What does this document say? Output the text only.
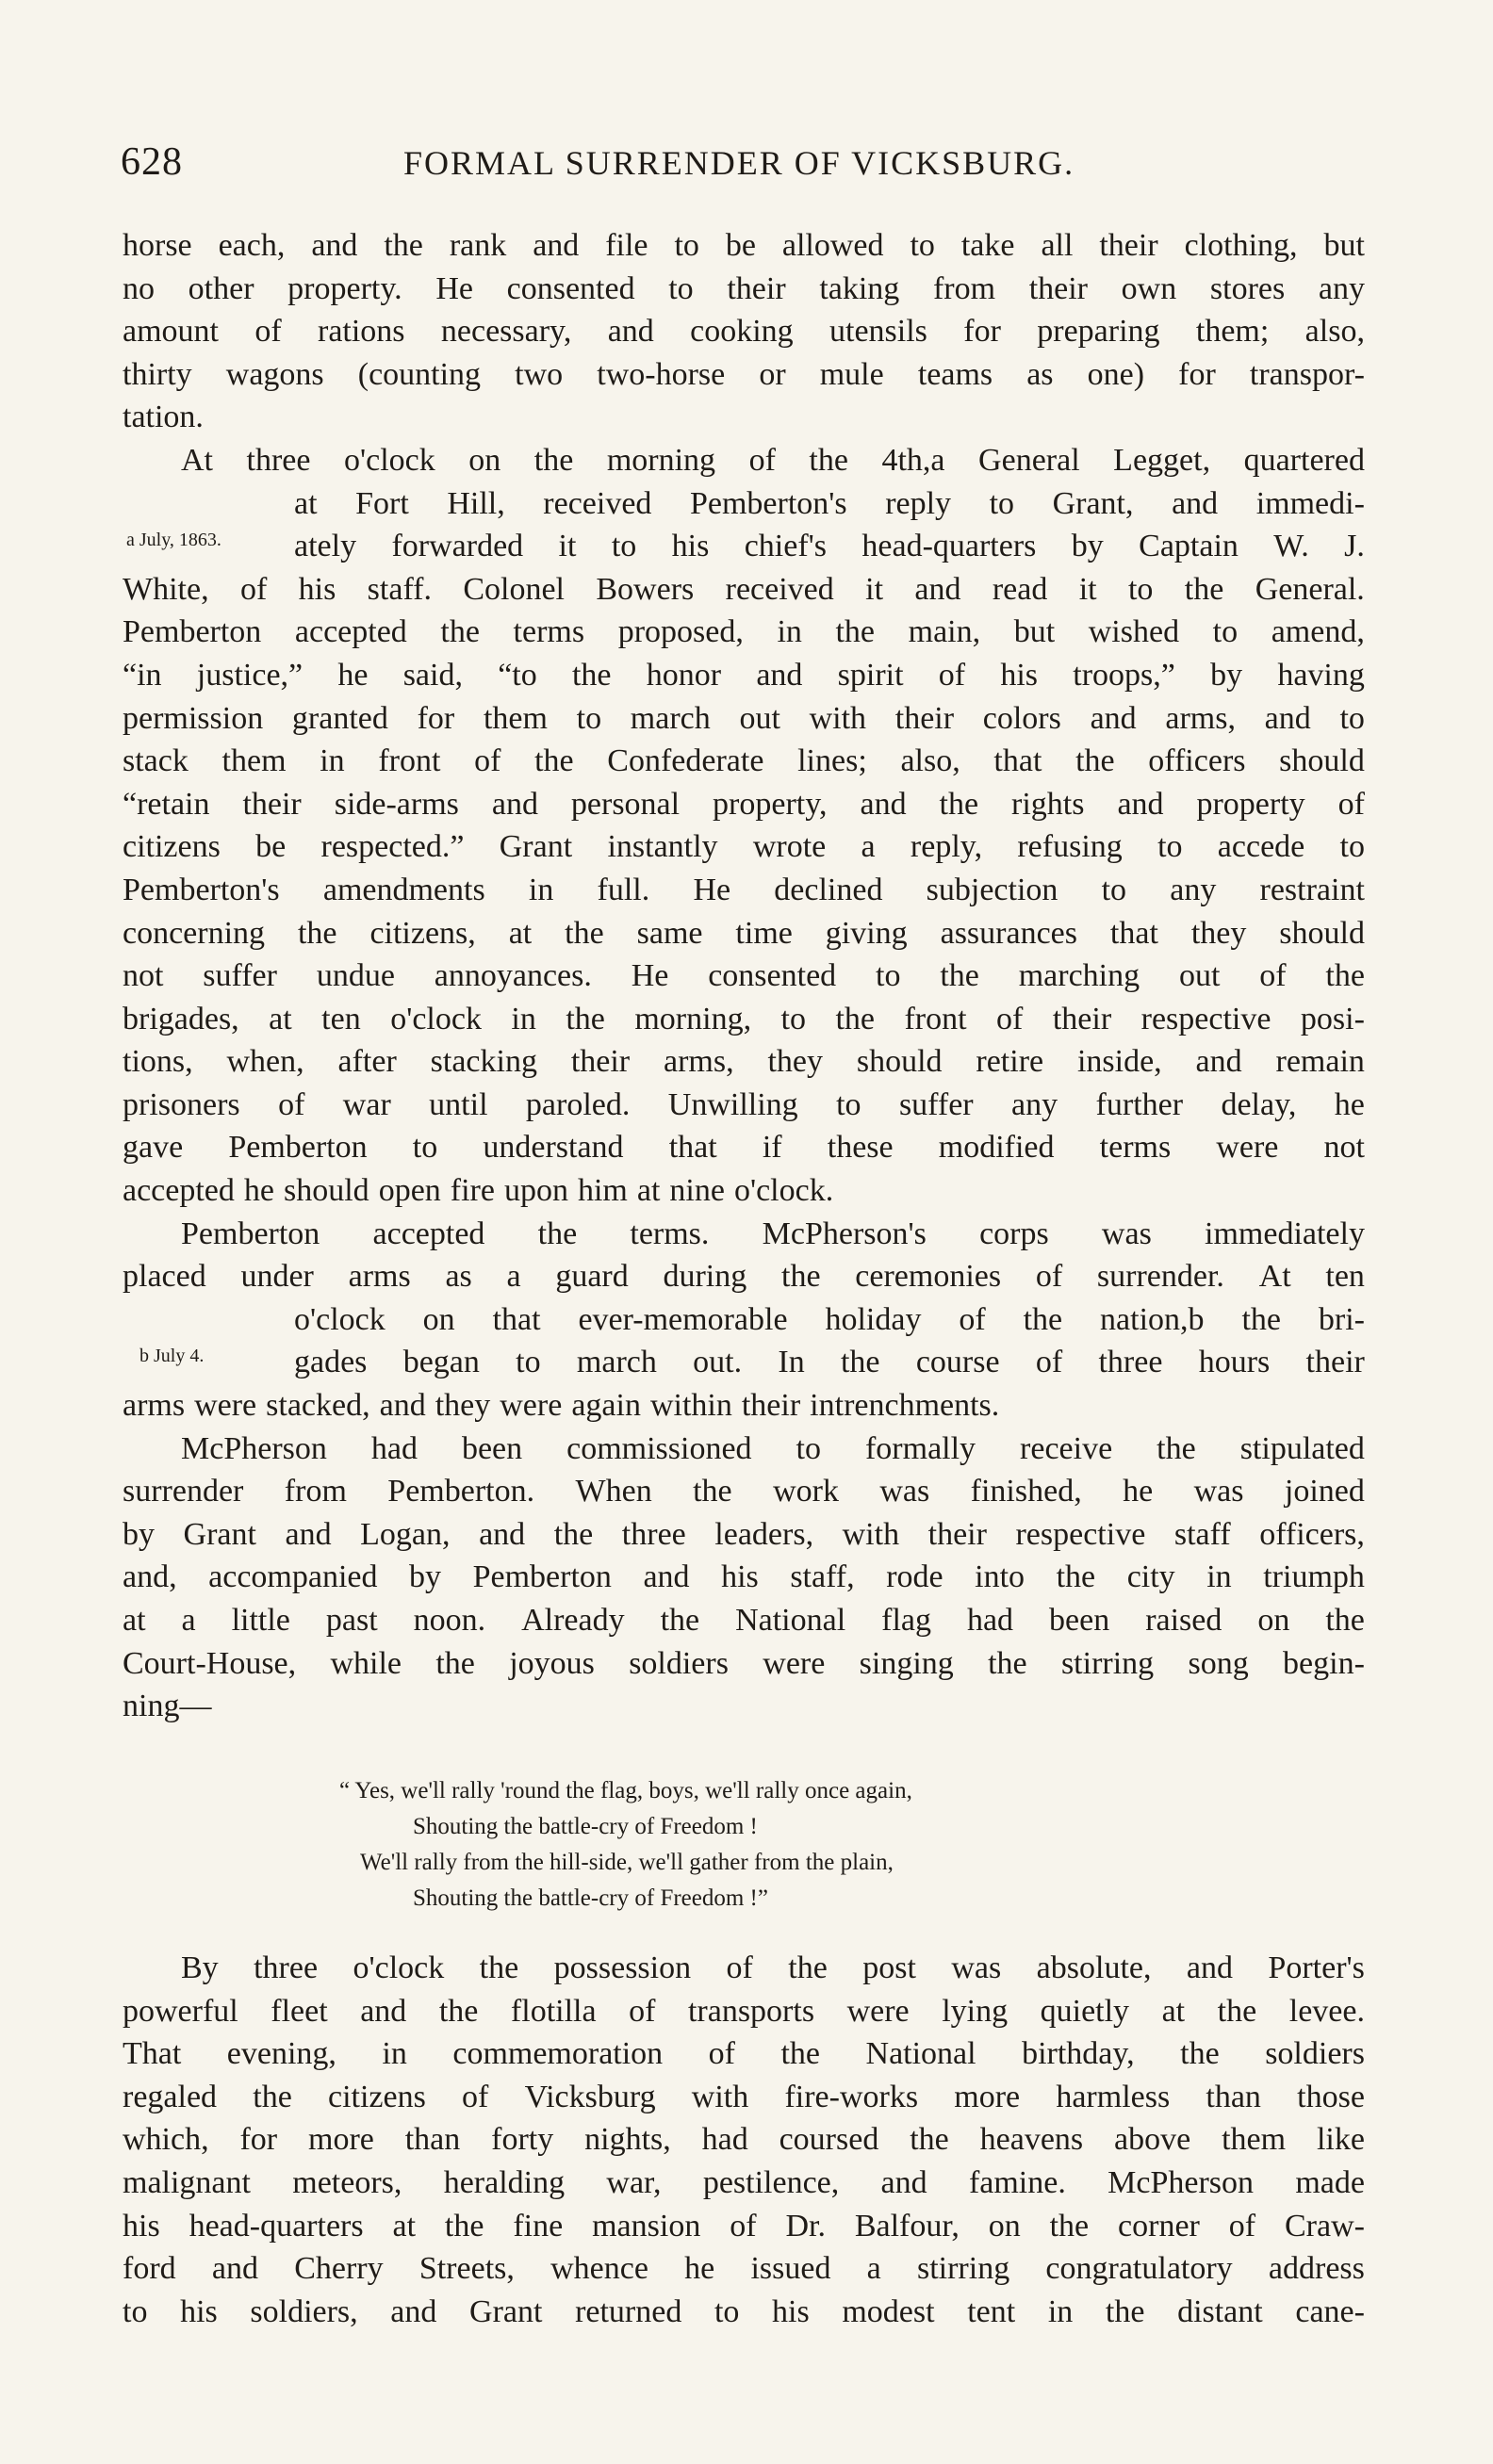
628	FORMAL SURRENDER OF VICKSBURG.
a July, 1863.
b July 4.
horse each, and the rank and file to be allowed to take all their clothing, but
no other property. He consented to their taking from their own stores any
amount of rations necessary, and cooking utensils for preparing them; also,
thirty wagons (counting two two-horse or mule teams as one) for transpor-
tation.
At three o'clock on the morning of the 4th,a General Legget, quartered
at Fort Hill, received Pemberton's reply to Grant, and immedi-
ately forwarded it to his chief's head-quarters by Captain W. J.
White, of his staff. Colonel Bowers received it and read it to the General.
Pemberton accepted the terms proposed, in the main, but wished to amend,
“in justice,” he said, “to the honor and spirit of his troops,” by having
permission granted for them to march out with their colors and arms, and to
stack them in front of the Confederate lines; also, that the officers should
“retain their side-arms and personal property, and the rights and property of
citizens be respected.” Grant instantly wrote a reply, refusing to accede to
Pemberton's amendments in full. He declined subjection to any restraint
concerning the citizens, at the same time giving assurances that they should
not suffer undue annoyances. He consented to the marching out of the
brigades, at ten o'clock in the morning, to the front of their respective posi-
tions, when, after stacking their arms, they should retire inside, and remain
prisoners of war until paroled. Unwilling to suffer any further delay, he
gave Pemberton to understand that if these modified terms were not
accepted he should open fire upon him at nine o'clock.
Pemberton accepted the terms. McPherson's corps was immediately
placed under arms as a guard during the ceremonies of surrender. At ten
o'clock on that ever-memorable holiday of the nation,b the bri-
gades began to march out. In the course of three hours their
arms were stacked, and they were again within their intrenchments.
McPherson had been commissioned to formally receive the stipulated
surrender from Pemberton. When the work was finished, he was joined
by Grant and Logan, and the three leaders, with their respective staff officers,
and, accompanied by Pemberton and his staff, rode into the city in triumph
at a little past noon. Already the National flag had been raised on the
Court-House, while the joyous soldiers were singing the stirring song begin-
ning—
“ Yes, we'll rally 'round the flag, boys, we'll rally once again,
Shouting the battle-cry of Freedom !
We'll rally from the hill-side, we'll gather from the plain,
Shouting the battle-cry of Freedom !”
By three o'clock the possession of the post was absolute, and Porter's
powerful fleet and the flotilla of transports were lying quietly at the levee.
That evening, in commemoration of the National birthday, the soldiers
regaled the citizens of Vicksburg with fire-works more harmless than those
which, for more than forty nights, had coursed the heavens above them like
malignant meteors, heralding war, pestilence, and famine. McPherson made
his head-quarters at the fine mansion of Dr. Balfour, on the corner of Craw-
ford and Cherry Streets, whence he issued a stirring congratulatory address
to his soldiers, and Grant returned to his modest tent in the distant cane-
